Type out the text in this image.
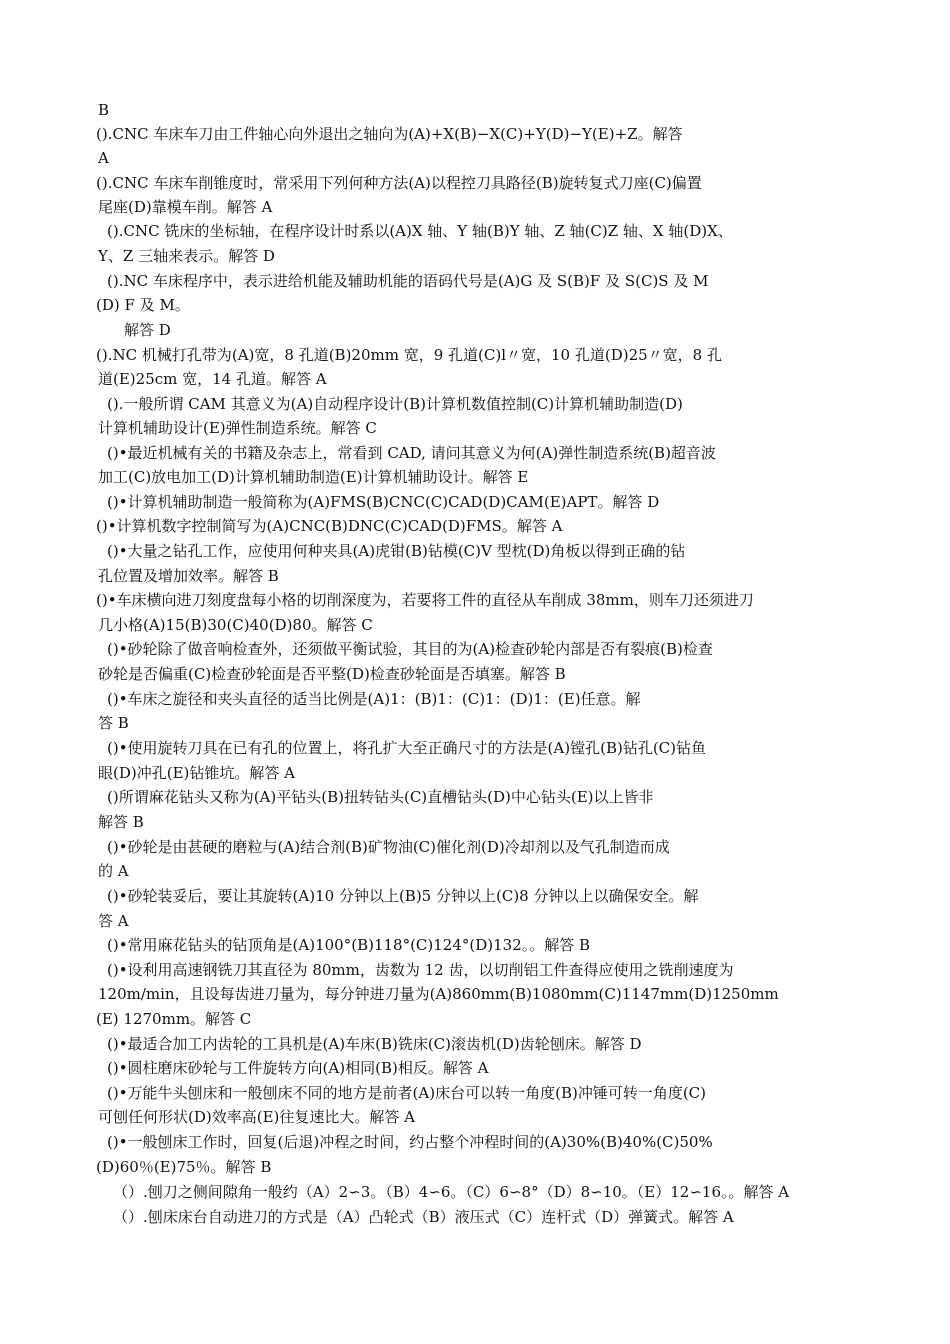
B
().CNC 车床车刀由工件轴心向外退出之轴向为(A)+X(B)−X(C)+Y(D)−Y(E)+Z。解答
A
().CNC 车床车削锥度时，常采用下列何种方法(A)以程控刀具路径(B)旋转复式刀座(C)偏置
尾座(D)靠模车削。解答 A
().CNC 铣床的坐标轴，在程序设计时系以(A)X 轴、Y 轴(B)Y 轴、Z 轴(C)Z 轴、X 轴(D)X、
Y、Z 三轴来表示。解答 D
().NC 车床程序中，表示进给机能及辅助机能的语码代号是(A)G 及 S(B)F 及 S(C)S 及 M
(D) F 及 M。
解答 D
().NC 机械打孔带为(A)宽，8 孔道(B)20mm 宽，9 孔道(C)l〃宽，10 孔道(D)25〃宽，8 孔
道(E)25cm 宽，14 孔道。解答 A
().一般所谓 CAM 其意义为(A)自动程序设计(B)计算机数值控制(C)计算机辅助制造(D)
计算机辅助设计(E)弹性制造系统。解答 C
()•最近机械有关的书籍及杂志上，常看到 CAD, 请问其意义为何(A)弹性制造系统(B)超音波
加工(C)放电加工(D)计算机辅助制造(E)计算机辅助设计。解答 E
()•计算机辅助制造一般简称为(A)FMS(B)CNC(C)CAD(D)CAM(E)APT。解答 D
()•计算机数字控制简写为(A)CNC(B)DNC(C)CAD(D)FMS。解答 A
()•大量之钻孔工作，应使用何种夹具(A)虎钳(B)钻模(C)V 型枕(D)角板以得到正确的钻
孔位置及增加效率。解答 B
()•车床横向进刀刻度盘每小格的切削深度为，若要将工件的直径从车削成 38mm，则车刀还须进刀
几小格(A)15(B)30(C)40(D)80。解答 C
()•砂轮除了做音响检查外，还须做平衡试验，其目的为(A)检查砂轮内部是否有裂痕(B)检查
砂轮是否偏重(C)检查砂轮面是否平整(D)检查砂轮面是否填塞。解答 B
()•车床之旋径和夹头直径的适当比例是(A)1：(B)1：(C)1：(D)1：(E)任意。解
答 B
()•使用旋转刀具在已有孔的位置上，将孔扩大至正确尺寸的方法是(A)镗孔(B)钻孔(C)钻鱼
眼(D)冲孔(E)钻锥坑。解答 A
()所谓麻花钻头又称为(A)平钻头(B)扭转钻头(C)直槽钻头(D)中心钻头(E)以上皆非
解答 B
()•砂轮是由甚硬的磨粒与(A)结合剂(B)矿物油(C)催化剂(D)冷却剂以及气孔制造而成
的 A
()•砂轮装妥后，要让其旋转(A)10 分钟以上(B)5 分钟以上(C)8 分钟以上以确保安全。解
答 A
()•常用麻花钻头的钻顶角是(A)100°(B)118°(C)124°(D)132。。解答 B
()•设利用高速钢铣刀其直径为 80mm，齿数为 12 齿，以切削铝工件查得应使用之铣削速度为
120m/min，且设每齿进刀量为，每分钟进刀量为(A)860mm(B)1080mm(C)1147mm(D)1250mm
(E) 1270mm。解答 C
()•最适合加工内齿轮的工具机是(A)车床(B)铣床(C)滚齿机(D)齿轮刨床。解答 D
()•圆柱磨床砂轮与工件旋转方向(A)相同(B)相反。解答 A
()•万能牛头刨床和一般刨床不同的地方是前者(A)床台可以转一角度(B)冲锤可转一角度(C)
可刨任何形状(D)效率高(E)往复速比大。解答 A
()•一般刨床工作时，回复(后退)冲程之时间，约占整个冲程时间的(A)30%(B)40%(C)50%
(D)60％(E)75％。解答 B
（）.刨刀之侧间隙角一般约（A）2∽3。（B）4∽6。（C）6∽8°（D）8∽10。（E）12∽16。。解答 A
（）.刨床床台自动进刀的方式是（A）凸轮式（B）液压式（C）连杆式（D）弹簧式。解答 A
